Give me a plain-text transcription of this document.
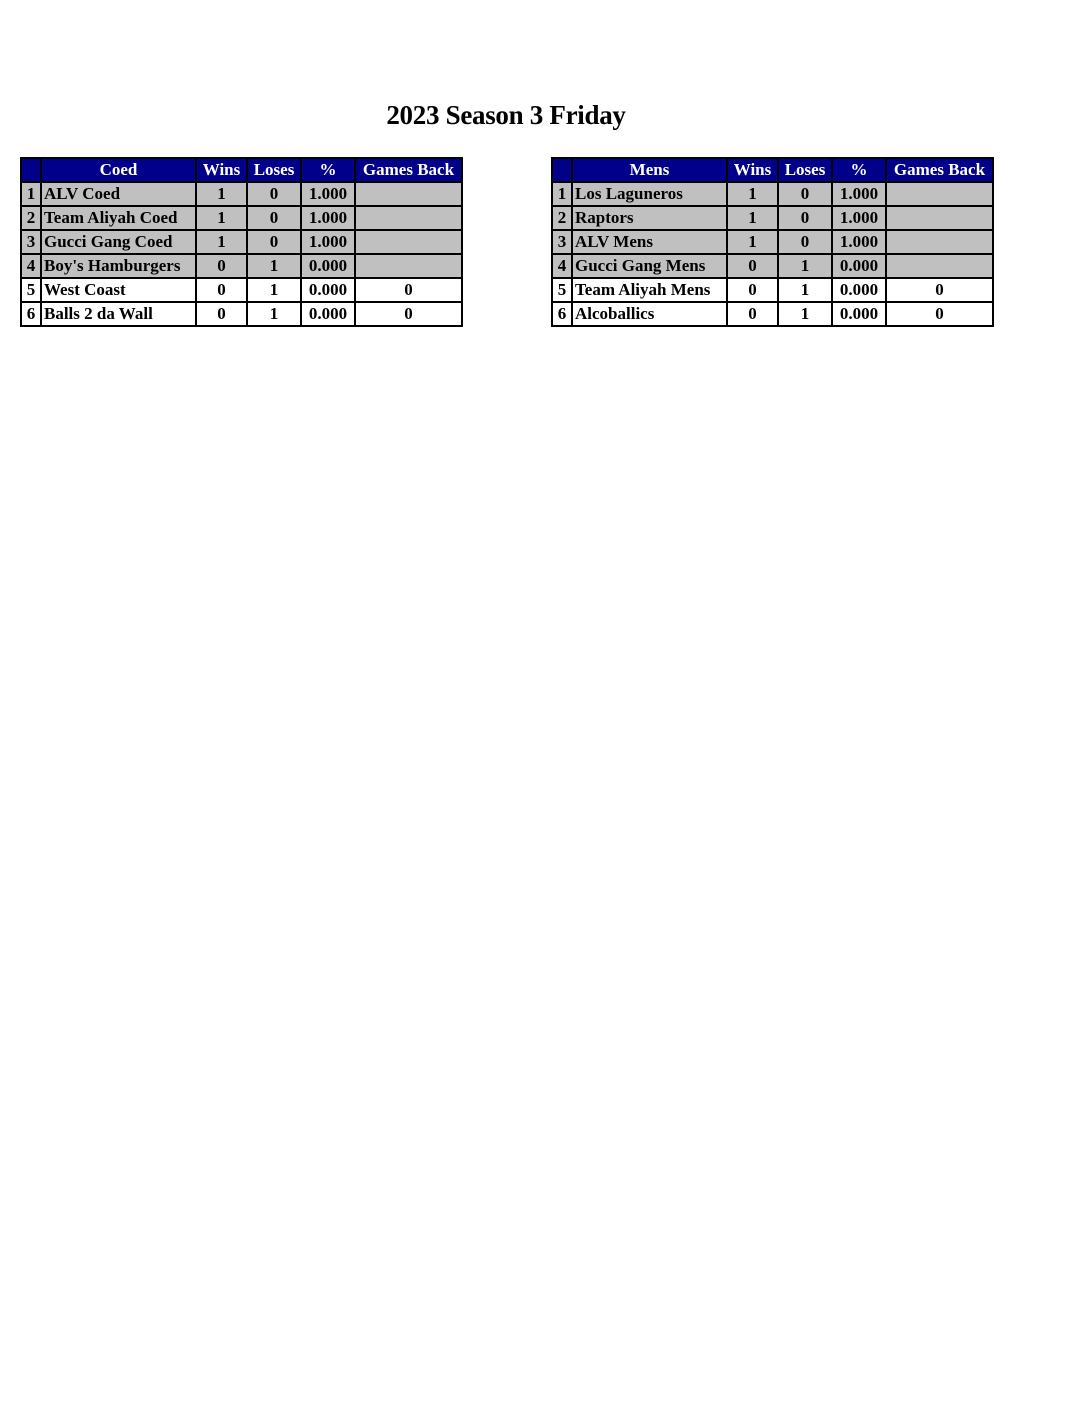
2023 Season 3 Friday
	Coed	Wins	Loses	%	Games Back
1	ALV Coed	1	0	1.000	
2	Team Aliyah Coed	1	0	1.000	
3	Gucci Gang Coed	1	0	1.000	
4	Boy's Hamburgers	0	1	0.000	
5	West Coast	0	1	0.000	0
6	Balls 2 da Wall	0	1	0.000	0
	Mens	Wins	Loses	%	Games Back
1	Los Laguneros	1	0	1.000	
2	Raptors	1	0	1.000	
3	ALV Mens	1	0	1.000	
4	Gucci Gang Mens	0	1	0.000	
5	Team Aliyah Mens	0	1	0.000	0
6	Alcoballics	0	1	0.000	0
